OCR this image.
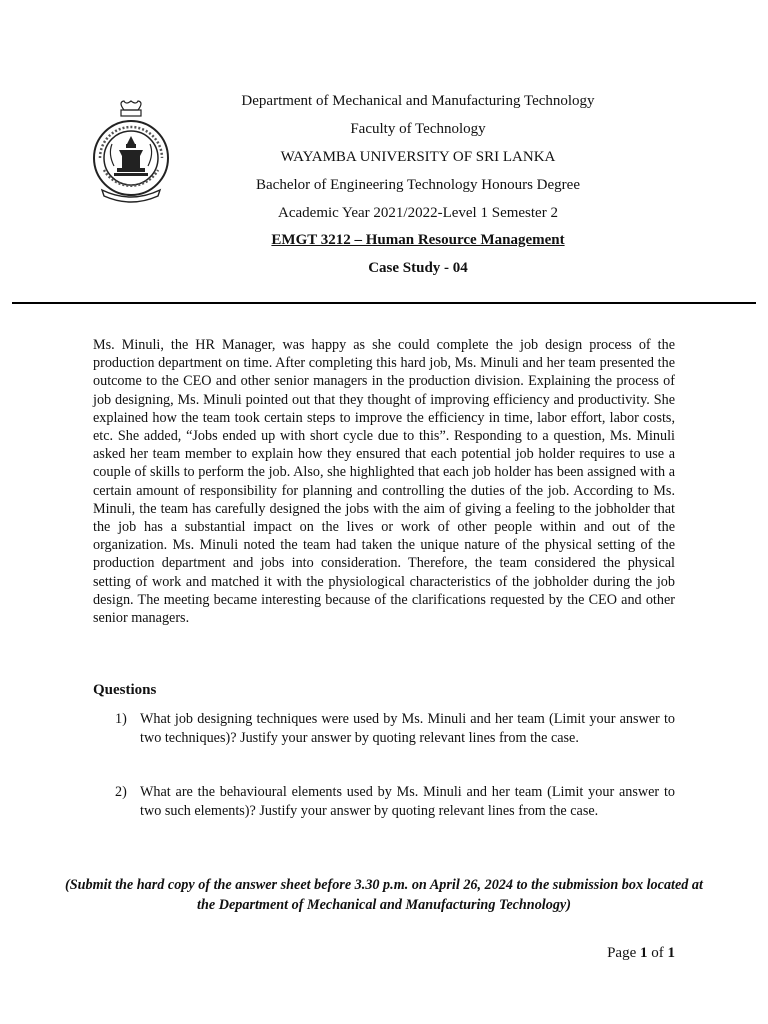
Department of Mechanical and Manufacturing Technology
Faculty of Technology
WAYAMBA UNIVERSITY OF SRI LANKA
Bachelor of Engineering Technology Honours Degree
Academic Year 2021/2022-Level 1 Semester 2
EMGT 3212 – Human Resource Management
Case Study - 04
Ms. Minuli, the HR Manager, was happy as she could complete the job design process of the production department on time. After completing this hard job, Ms. Minuli and her team presented the outcome to the CEO and other senior managers in the production division. Explaining the process of job designing, Ms. Minuli pointed out that they thought of improving efficiency and productivity. She explained how the team took certain steps to improve the efficiency in time, labor effort, labor costs, etc. She added, “Jobs ended up with short cycle due to this”. Responding to a question, Ms. Minuli asked her team member to explain how they ensured that each potential job holder requires to use a couple of skills to perform the job. Also, she highlighted that each job holder has been assigned with a certain amount of responsibility for planning and controlling the duties of the job. According to Ms. Minuli, the team has carefully designed the jobs with the aim of giving a feeling to the jobholder that the job has a substantial impact on the lives or work of other people within and out of the organization. Ms. Minuli noted the team had taken the unique nature of the physical setting of the production department and jobs into consideration. Therefore, the team considered the physical setting of work and matched it with the physiological characteristics of the jobholder during the job design. The meeting became interesting because of the clarifications requested by the CEO and other senior managers.
Questions
1) What job designing techniques were used by Ms. Minuli and her team (Limit your answer to two techniques)? Justify your answer by quoting relevant lines from the case.
2) What are the behavioural elements used by Ms. Minuli and her team (Limit your answer to two such elements)? Justify your answer by quoting relevant lines from the case.
(Submit the hard copy of the answer sheet before 3.30 p.m. on April 26, 2024 to the submission box located at the Department of Mechanical and Manufacturing Technology)
Page 1 of 1
